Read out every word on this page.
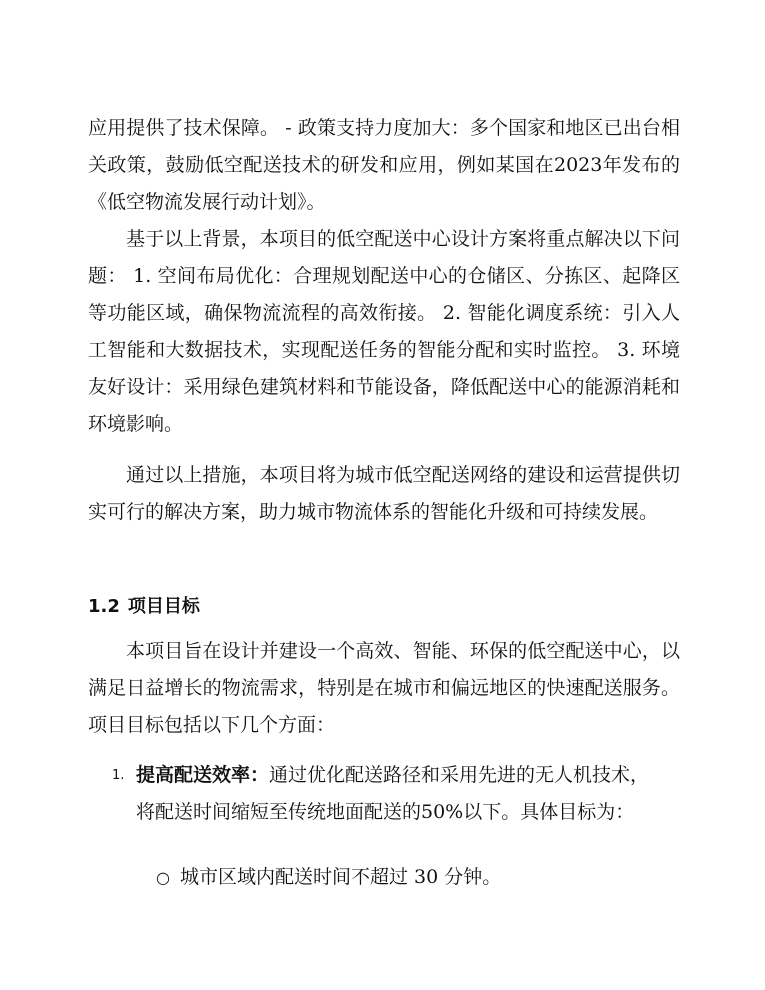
应用提供了技术保障。 - 政策支持力度加大：多个国家和地区已出台相关政策，鼓励低空配送技术的研发和应用，例如某国在2023年发布的《低空物流发展行动计划》。

基于以上背景，本项目的低空配送中心设计方案将重点解决以下问题： 1. 空间布局优化：合理规划配送中心的仓储区、分拣区、起降区等功能区域，确保物流流程的高效衔接。 2. 智能化调度系统：引入人工智能和大数据技术，实现配送任务的智能分配和实时监控。 3. 环境友好设计：采用绿色建筑材料和节能设备，降低配送中心的能源消耗和环境影响。

通过以上措施，本项目将为城市低空配送网络的建设和运营提供切实可行的解决方案，助力城市物流体系的智能化升级和可持续发展。

1.2 项目目标

本项目旨在设计并建设一个高效、智能、环保的低空配送中心，以满足日益增长的物流需求，特别是在城市和偏远地区的快速配送服务。项目目标包括以下几个方面：

1. 提高配送效率：通过优化配送路径和采用先进的无人机技术，将配送时间缩短至传统地面配送的50%以下。具体目标为：
○ 城市区域内配送时间不超过 30 分钟。
